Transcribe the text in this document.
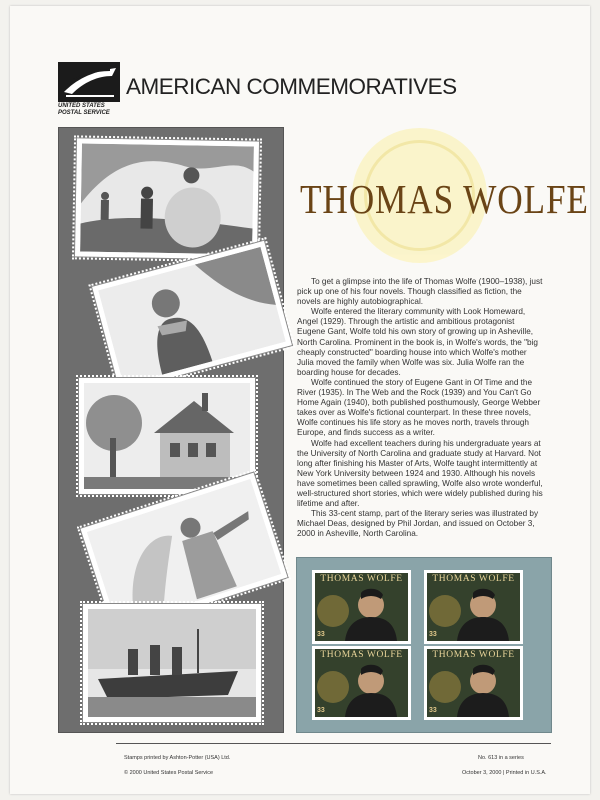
UNITED STATES
POSTAL SERVICE
AMERICAN COMMEMORATIVES
THOMAS WOLFE

To get a glimpse into the life of Thomas Wolfe (1900–1938), just pick up one of his four novels. Though classified as fiction, the novels are highly autobiographical.

Wolfe entered the literary community with Look Homeward, Angel (1929). Through the artistic and ambitious protagonist Eugene Gant, Wolfe told his own story of growing up in Asheville, North Carolina. Prominent in the book is, in Wolfe's words, the "big cheaply constructed" boarding house into which Wolfe's mother Julia moved the family when Wolfe was six. Julia Wolfe ran the boarding house for decades.

Wolfe continued the story of Eugene Gant in Of Time and the River (1935). In The Web and the Rock (1939) and You Can't Go Home Again (1940), both published posthumously, George Webber takes over as Wolfe's fictional counterpart. In these three novels, Wolfe continues his life story as he moves north, travels through Europe, and finds success as a writer.

Wolfe had excellent teachers during his undergraduate years at the University of North Carolina and graduate study at Harvard. Not long after finishing his Master of Arts, Wolfe taught intermittently at New York University between 1924 and 1930. Although his novels have sometimes been called sprawling, Wolfe also wrote wonderful, well-structured short stories, which were widely published during his lifetime and after.

This 33-cent stamp, part of the literary series was illustrated by Michael Deas, designed by Phil Jordan, and issued on October 3, 2000 in Asheville, North Carolina.

THOMAS WOLFE
33
THOMAS WOLFE
33
THOMAS WOLFE
33
THOMAS WOLFE
33
Stamps printed by Ashton-Potter (USA) Ltd.
© 2000 United States Postal Service
No. 613 in a series
October 3, 2000 | Printed in U.S.A.
